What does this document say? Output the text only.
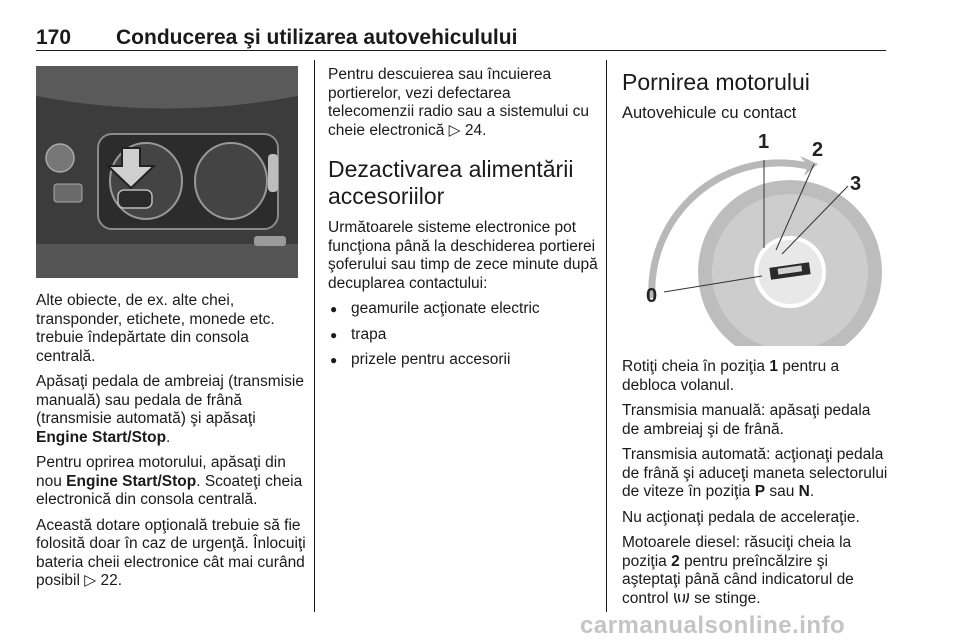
170 Conducerea şi utilizarea autovehiculului

Alte obiecte, de ex. alte chei, transponder, etichete, monede etc. trebuie îndepărtate din consola centrală.

Apăsaţi pedala de ambreiaj (transmisie manuală) sau pedala de frână (transmisie automată) şi apăsaţi Engine Start/Stop.

Pentru oprirea motorului, apăsaţi din nou Engine Start/Stop. Scoateţi cheia electronică din consola centrală.

Această dotare opţională trebuie să fie folosită doar în caz de urgenţă. Înlocuiţi bateria cheii electronice cât mai curând posibil ▷ 22.

Pentru descuierea sau încuierea portierelor, vezi defectarea telecomenzii radio sau a sistemului cu cheie electronică ▷ 24.

Dezactivarea alimentării accesoriilor

Următoarele sisteme electronice pot funcţiona până la deschiderea portierei şoferului sau timp de zece minute după decuplarea contactului:

● geamurile acţionate electric
● trapa
● prizele pentru accesorii
Pornirea motorului
Autovehicule cu contact
0
1 2
3

Rotiţi cheia în poziţia 1 pentru a debloca volanul.

Transmisia manuală: apăsaţi pedala de ambreiaj şi de frână.

Transmisia automată: acţionaţi pedala de frână şi aduceţi maneta selectorului de viteze în poziţia P sau N.

Nu acţionaţi pedala de acceleraţie.

Motoarele diesel: răsuciţi cheia la poziţia 2 pentru preîncălzire şi aşteptaţi până când indicatorul de control  se stinge.

carmanualsonline.info
